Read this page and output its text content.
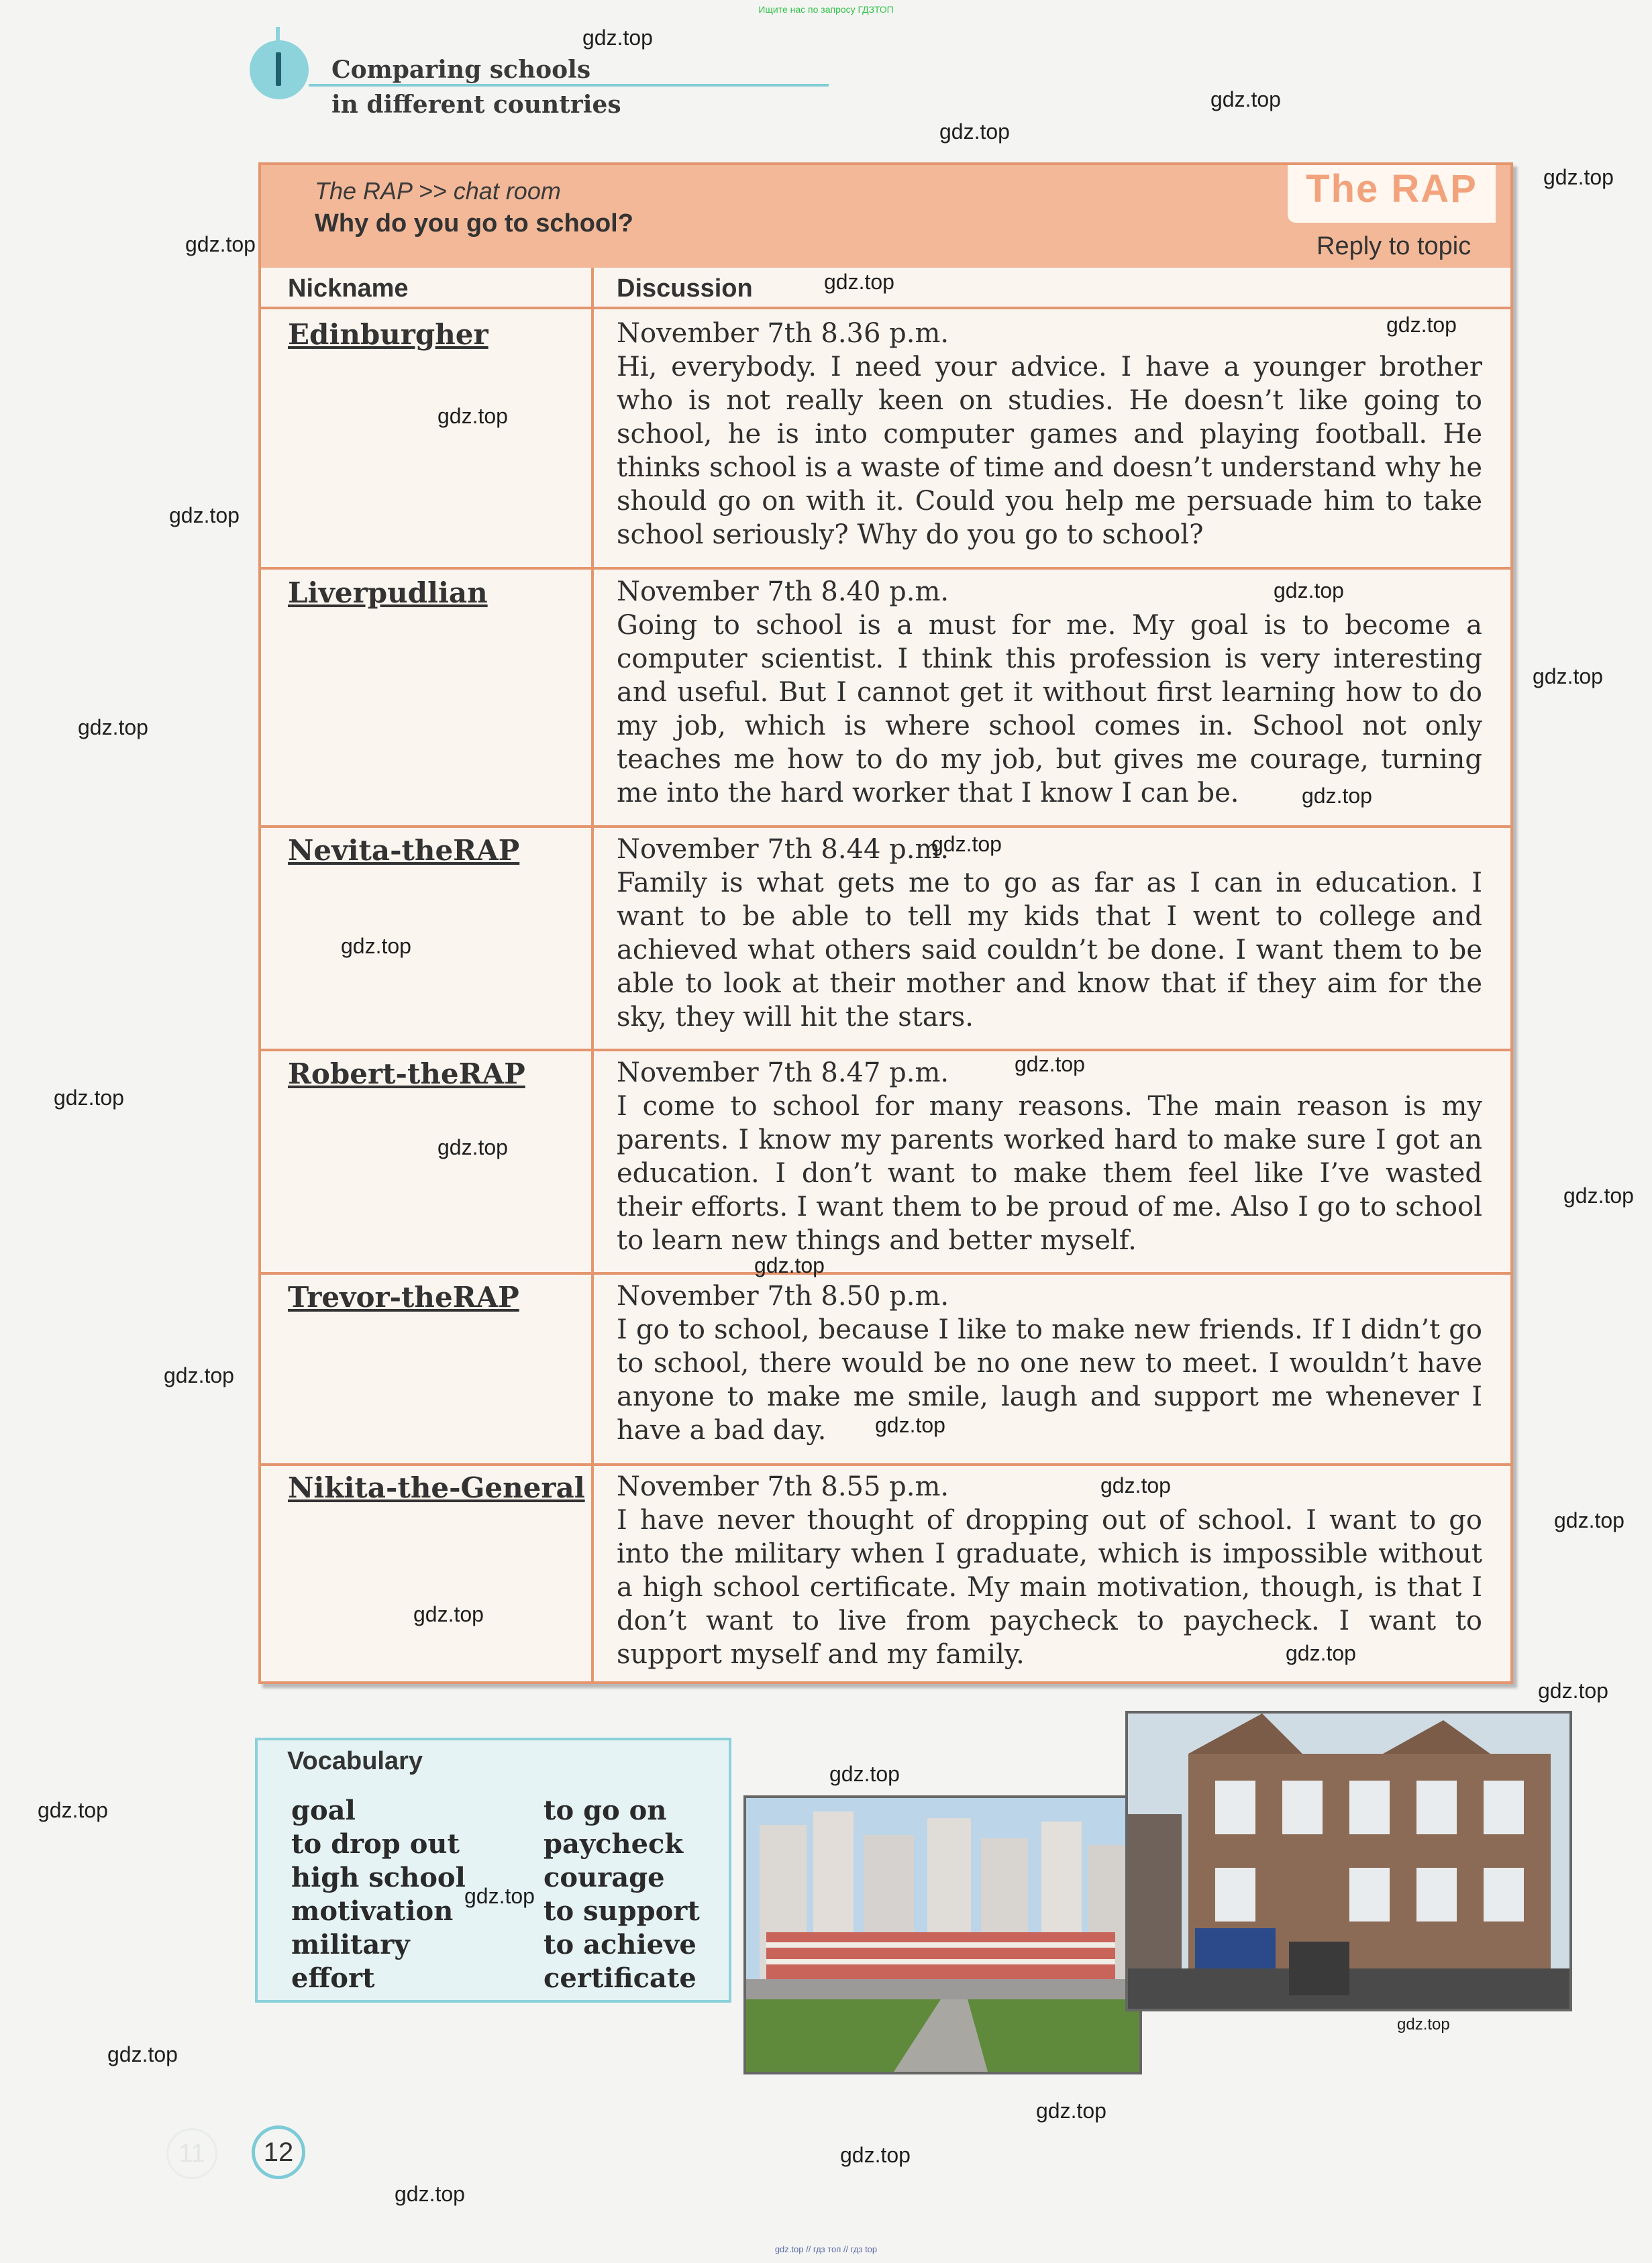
Ищите нас по запросу ГДЗТОП
gdz.top // гдз топ // гдз top
Comparing schools
in different countries
The RAP >> chat room
Why do you go to school?
The RAP
Reply to topic
Nickname	Discussion
Edinburgher	November 7th 8.36 p.m.
Hi, everybody. I need your advice. I have a younger brother who is not really keen on studies. He doesn’t like going to school, he is into computer games and playing football. He thinks school is a waste of time and doesn’t understand why he should go on with it. Could you help me persuade him to take school seriously? Why do you go to school?
Liverpudlian	November 7th 8.40 p.m.
Going to school is a must for me. My goal is to become a computer scientist. I think this profession is very interesting and useful. But I cannot get it without first learning how to do my job, which is where school comes in. School not only teaches me how to do my job, but gives me courage, turning me into the hard worker that I know I can be.
Nevita-theRAP	November 7th 8.44 p.m.
Family is what gets me to go as far as I can in education. I want to be able to tell my kids that I went to college and achieved what others said couldn’t be done. I want them to be able to look at their mother and know that if they aim for the sky, they will hit the stars.
Robert-theRAP	November 7th 8.47 p.m.
I come to school for many reasons. The main reason is my parents. I know my parents worked hard to make sure I got an education. I don’t want to make them feel like I’ve wasted their efforts. I want them to be proud of me. Also I go to school to learn new things and better myself.
Trevor-theRAP	November 7th 8.50 p.m.
I go to school, because I like to make new friends. If I didn’t go to school, there would be no one new to meet. I wouldn’t have anyone to make me smile, laugh and support me whenever I have a bad day.
Nikita-the-General November 7th 8.55 p.m.
I have never thought of dropping out of school. I want to go into the military when I graduate, which is impossible without a high school certificate. My main motivation, though, is that I don’t want to live from paycheck to paycheck. I want to support myself and my family.
Vocabulary
goal
to drop out
high school
motivation
military
effort
to go on
paycheck
courage
to support
to achieve
certificate
11	12
gdz.top
gdz.top
gdz.top
gdz.top
gdz.top
gdz.top
gdz.top
gdz.top
gdz.top
gdz.top
gdz.top
gdz.top
gdz.top
gdz.top
gdz.top
gdz.top
gdz.top
gdz.top
gdz.top
gdz.top
gdz.top
gdz.top
gdz.top
gdz.top
gdz.top
gdz.top
gdz.top
gdz.top
gdz.top
gdz.top
gdz.top
gdz.top
gdz.top
gdz.top
gdz.top
